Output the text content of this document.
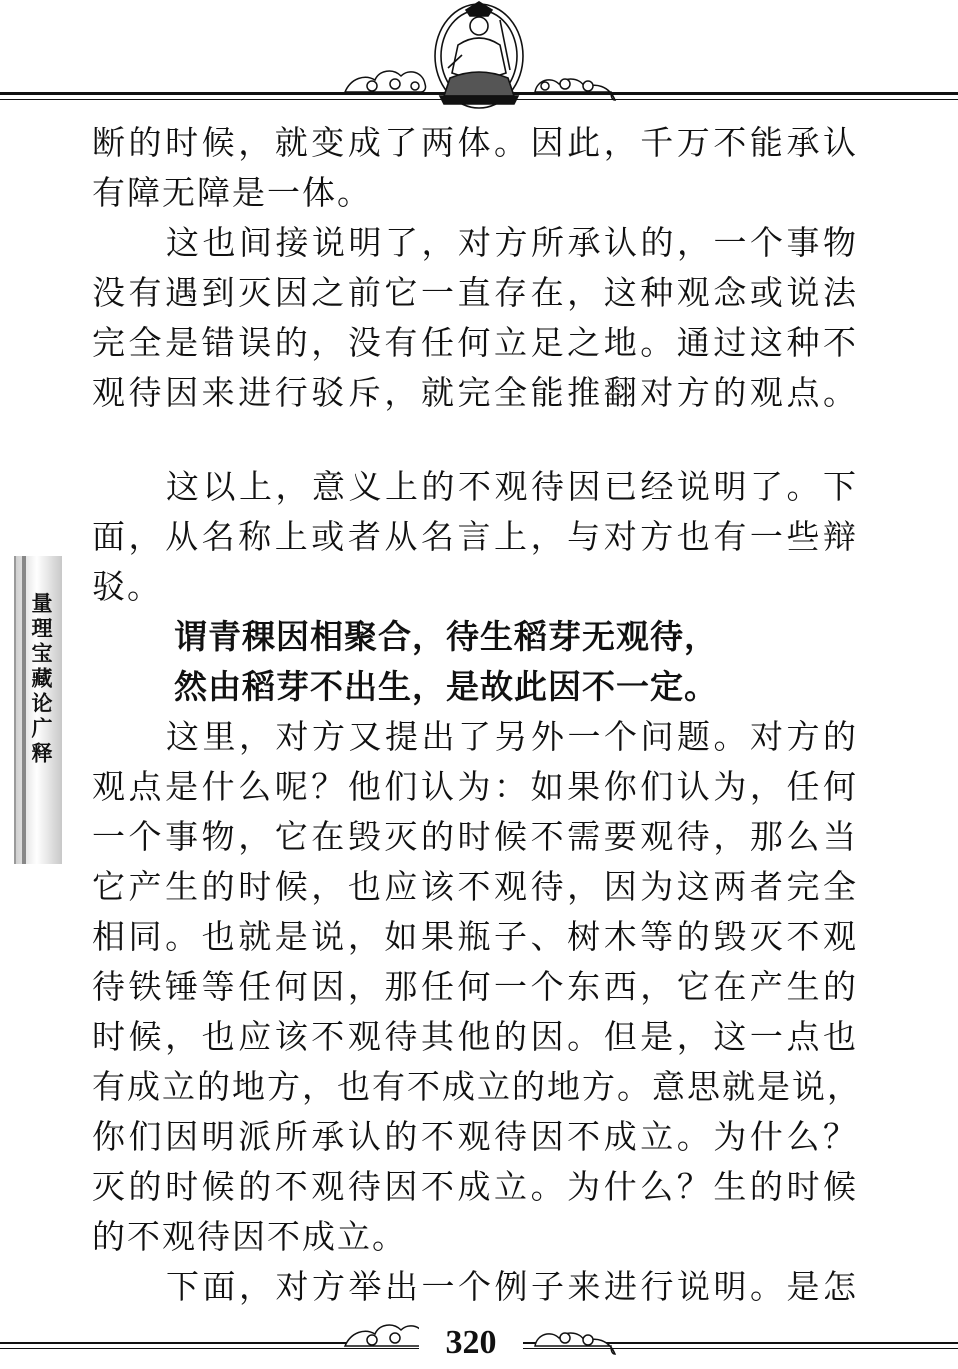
量理宝藏论广释
断的时候，就变成了两体。因此，千万不能承认
有障无障是一体。
这也间接说明了，对方所承认的，一个事物
没有遇到灭因之前它一直存在，这种观念或说法
完全是错误的，没有任何立足之地。通过这种不
观待因来进行驳斥，就完全能推翻对方的观点。
这以上，意义上的不观待因已经说明了。下
面，从名称上或者从名言上，与对方也有一些辩
驳。
谓青稞因相聚合，待生稻芽无观待，
然由稻芽不出生，是故此因不一定。
这里，对方又提出了另外一个问题。对方的
观点是什么呢？他们认为：如果你们认为，任何
一个事物，它在毁灭的时候不需要观待，那么当
它产生的时候，也应该不观待，因为这两者完全
相同。也就是说，如果瓶子、树木等的毁灭不观
待铁锤等任何因，那任何一个东西，它在产生的
时候，也应该不观待其他的因。但是，这一点也
有成立的地方，也有不成立的地方。意思就是说，
你们因明派所承认的不观待因不成立。为什么？
灭的时候的不观待因不成立。为什么？生的时候
的不观待因不成立。
下面，对方举出一个例子来进行说明。是怎
320
